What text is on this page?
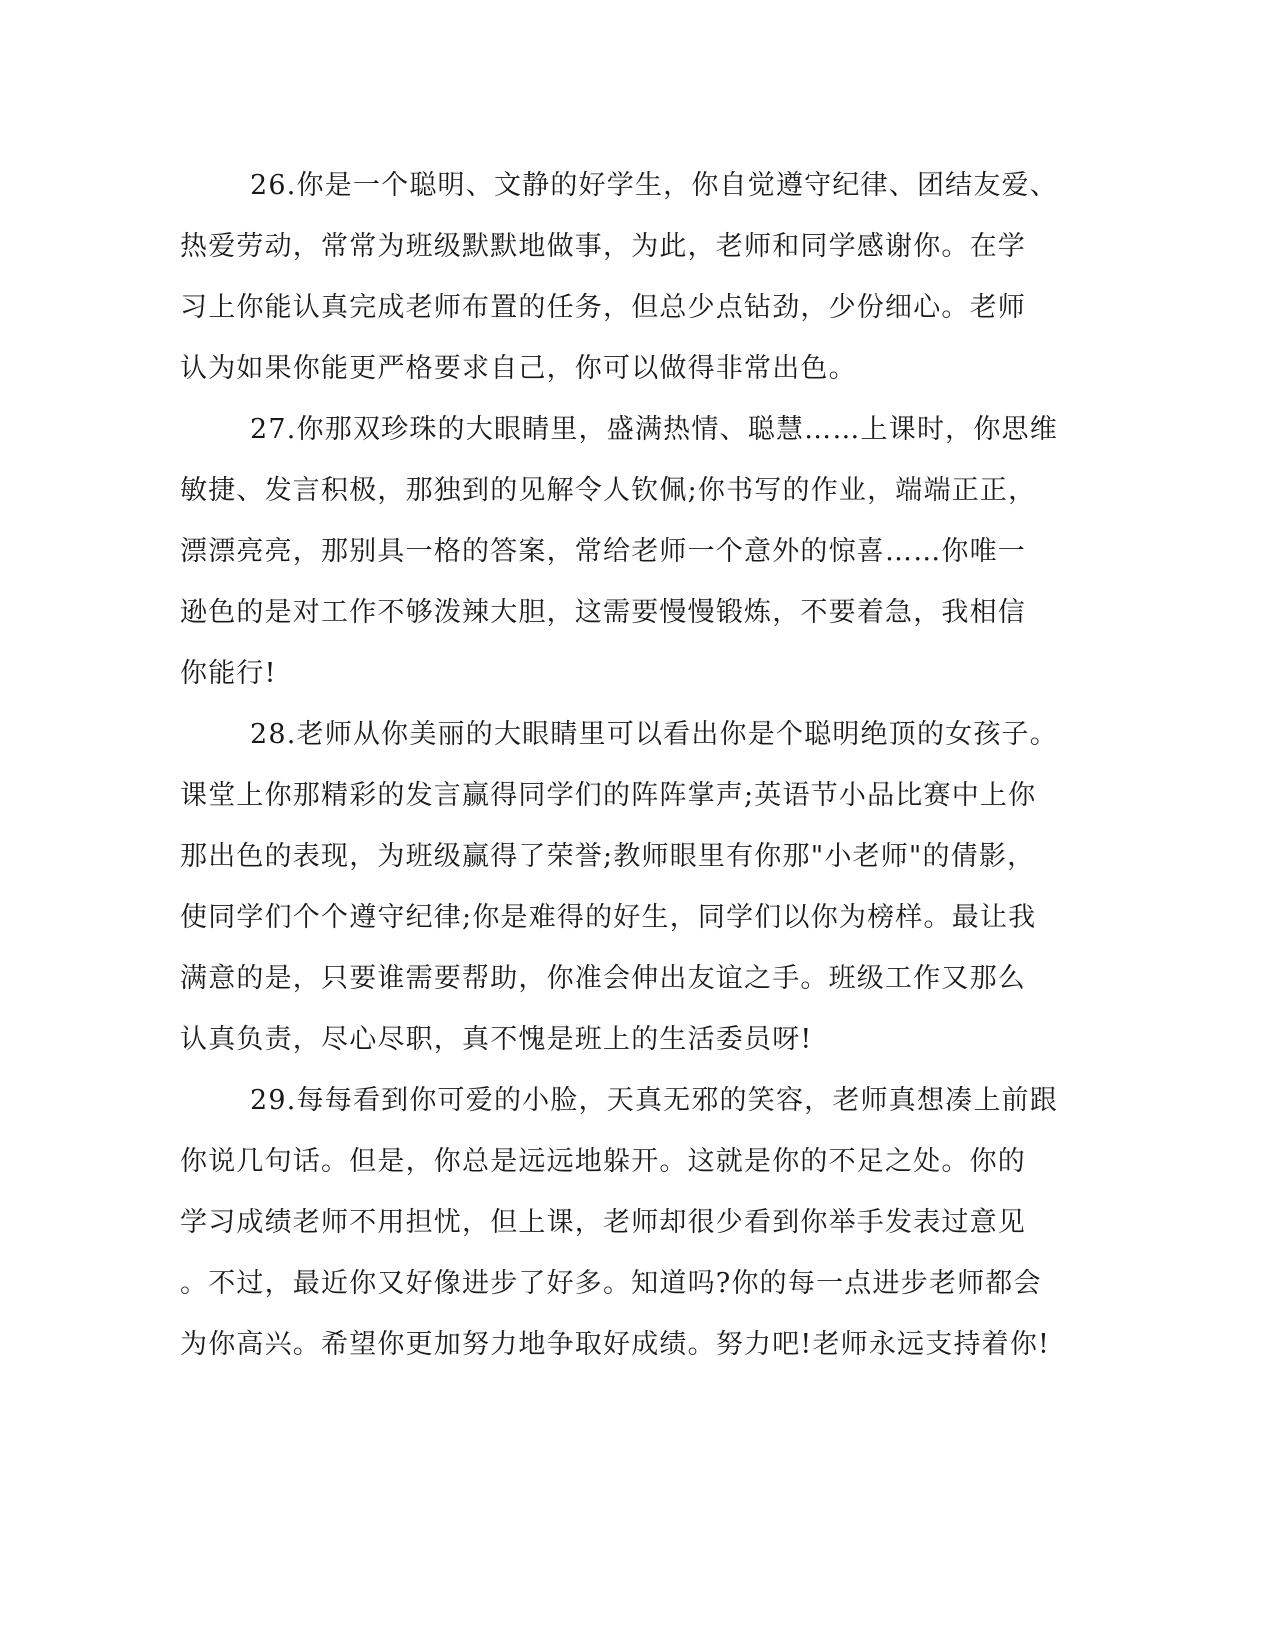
26.你是一个聪明、文静的好学生，你自觉遵守纪律、团结友爱、
热爱劳动，常常为班级默默地做事，为此，老师和同学感谢你。在学
习上你能认真完成老师布置的任务，但总少点钻劲，少份细心。老师
认为如果你能更严格要求自己，你可以做得非常出色。
27.你那双珍珠的大眼睛里，盛满热情、聪慧……上课时，你思维
敏捷、发言积极，那独到的见解令人钦佩;你书写的作业，端端正正，
漂漂亮亮，那别具一格的答案，常给老师一个意外的惊喜……你唯一
逊色的是对工作不够泼辣大胆，这需要慢慢锻炼，不要着急，我相信
你能行!
28.老师从你美丽的大眼睛里可以看出你是个聪明绝顶的女孩子。
课堂上你那精彩的发言赢得同学们的阵阵掌声;英语节小品比赛中上你
那出色的表现，为班级赢得了荣誉;教师眼里有你那"小老师"的倩影，
使同学们个个遵守纪律;你是难得的好生，同学们以你为榜样。最让我
满意的是，只要谁需要帮助，你准会伸出友谊之手。班级工作又那么
认真负责，尽心尽职，真不愧是班上的生活委员呀!
29.每每看到你可爱的小脸，天真无邪的笑容，老师真想凑上前跟
你说几句话。但是，你总是远远地躲开。这就是你的不足之处。你的
学习成绩老师不用担忧，但上课，老师却很少看到你举手发表过意见
。不过，最近你又好像进步了好多。知道吗?你的每一点进步老师都会
为你高兴。希望你更加努力地争取好成绩。努力吧!老师永远支持着你!
